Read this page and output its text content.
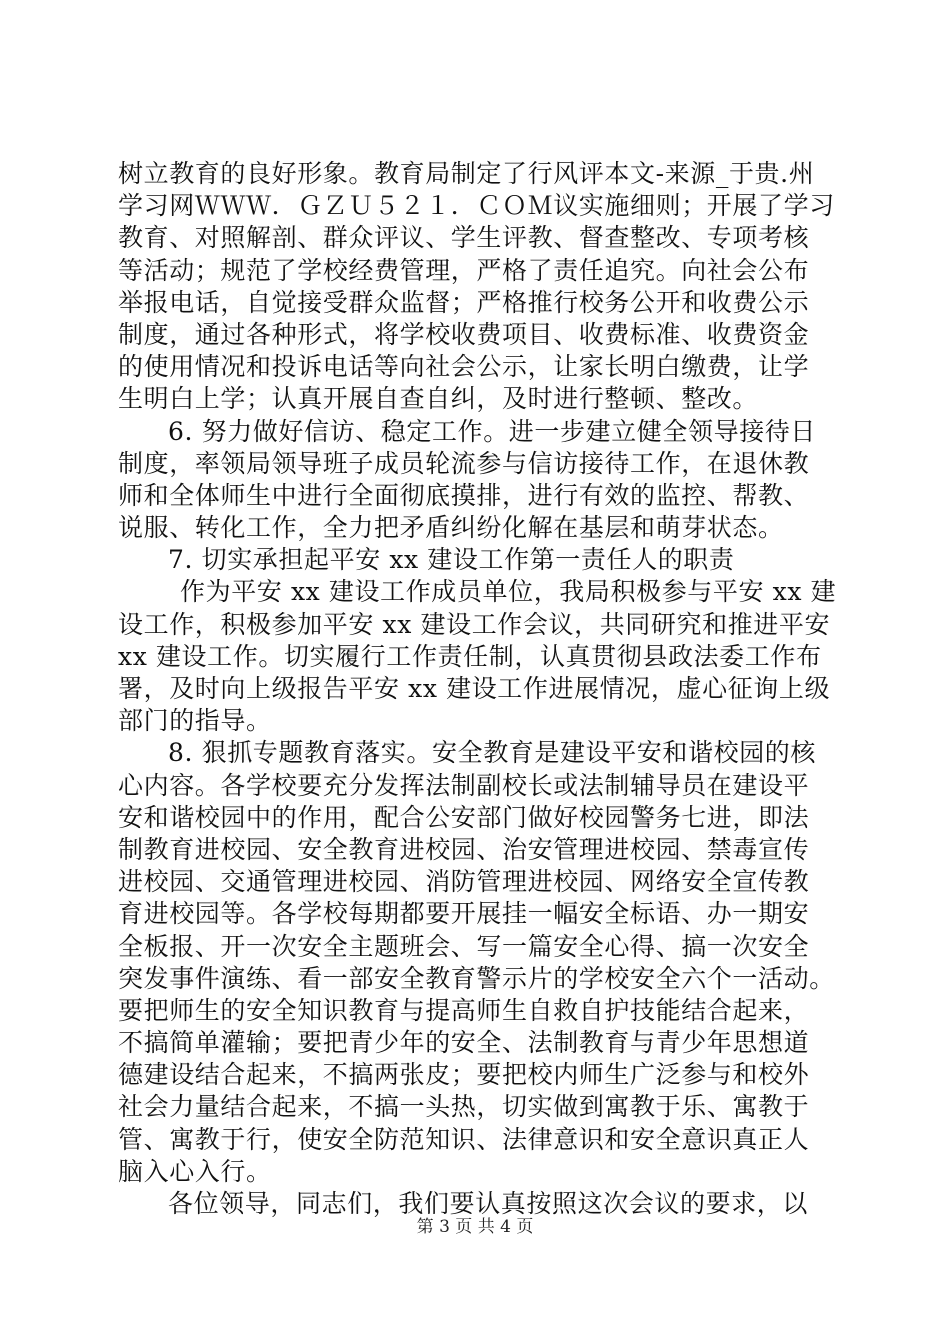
树立教育的良好形象。教育局制定了行风评本文-来源_于贵.州
学习网ＷＷＷ．ＧＺＵ５２１．ＣＯＭ议实施细则；开展了学习
教育、对照解剖、群众评议、学生评教、督查整改、专项考核
等活动；规范了学校经费管理，严格了责任追究。向社会公布
举报电话，自觉接受群众监督；严格推行校务公开和收费公示
制度，通过各种形式，将学校收费项目、收费标准、收费资金
的使用情况和投诉电话等向社会公示，让家长明白缴费，让学
生明白上学；认真开展自查自纠，及时进行整顿、整改。
6. 努力做好信访、稳定工作。进一步建立健全领导接待日
制度，率领局领导班子成员轮流参与信访接待工作，在退休教
师和全体师生中进行全面彻底摸排，进行有效的监控、帮教、
说服、转化工作，全力把矛盾纠纷化解在基层和萌芽状态。
7. 切实承担起平安 xx 建设工作第一责任人的职责
作为平安 xx 建设工作成员单位，我局积极参与平安 xx 建
设工作，积极参加平安 xx 建设工作会议，共同研究和推进平安
xx 建设工作。切实履行工作责任制，认真贯彻县政法委工作布
署，及时向上级报告平安 xx 建设工作进展情况，虚心征询上级
部门的指导。
8. 狠抓专题教育落实。安全教育是建设平安和谐校园的核
心内容。各学校要充分发挥法制副校长或法制辅导员在建设平
安和谐校园中的作用，配合公安部门做好校园警务七进，即法
制教育进校园、安全教育进校园、治安管理进校园、禁毒宣传
进校园、交通管理进校园、消防管理进校园、网络安全宣传教
育进校园等。各学校每期都要开展挂一幅安全标语、办一期安
全板报、开一次安全主题班会、写一篇安全心得、搞一次安全
突发事件演练、看一部安全教育警示片的学校安全六个一活动。
要把师生的安全知识教育与提高师生自救自护技能结合起来，
不搞简单灌输；要把青少年的安全、法制教育与青少年思想道
德建设结合起来，不搞两张皮；要把校内师生广泛参与和校外
社会力量结合起来，不搞一头热，切实做到寓教于乐、寓教于
管、寓教于行，使安全防范知识、法律意识和安全意识真正人
脑入心入行。
各位领导，同志们，我们要认真按照这次会议的要求，以
第 3 页 共 4 页
